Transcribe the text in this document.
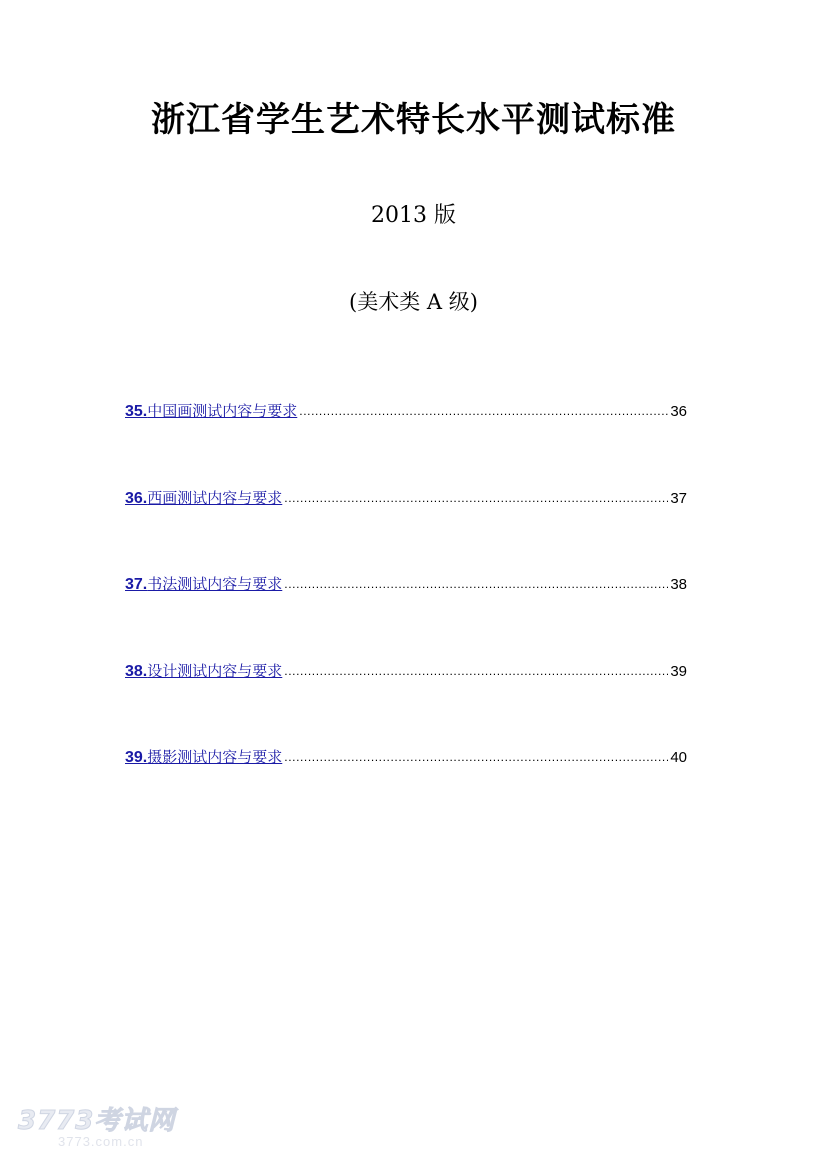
浙江省学生艺术特长水平测试标准
2013 版
(美术类 A 级)
35.中国画测试内容与要求 .....	36
36.西画测试内容与要求 .....	37
37.书法测试内容与要求 .....	38
38.设计测试内容与要求 .....	39
39.摄影测试内容与要求 .....	40
3773考试网
3773.com.cn
